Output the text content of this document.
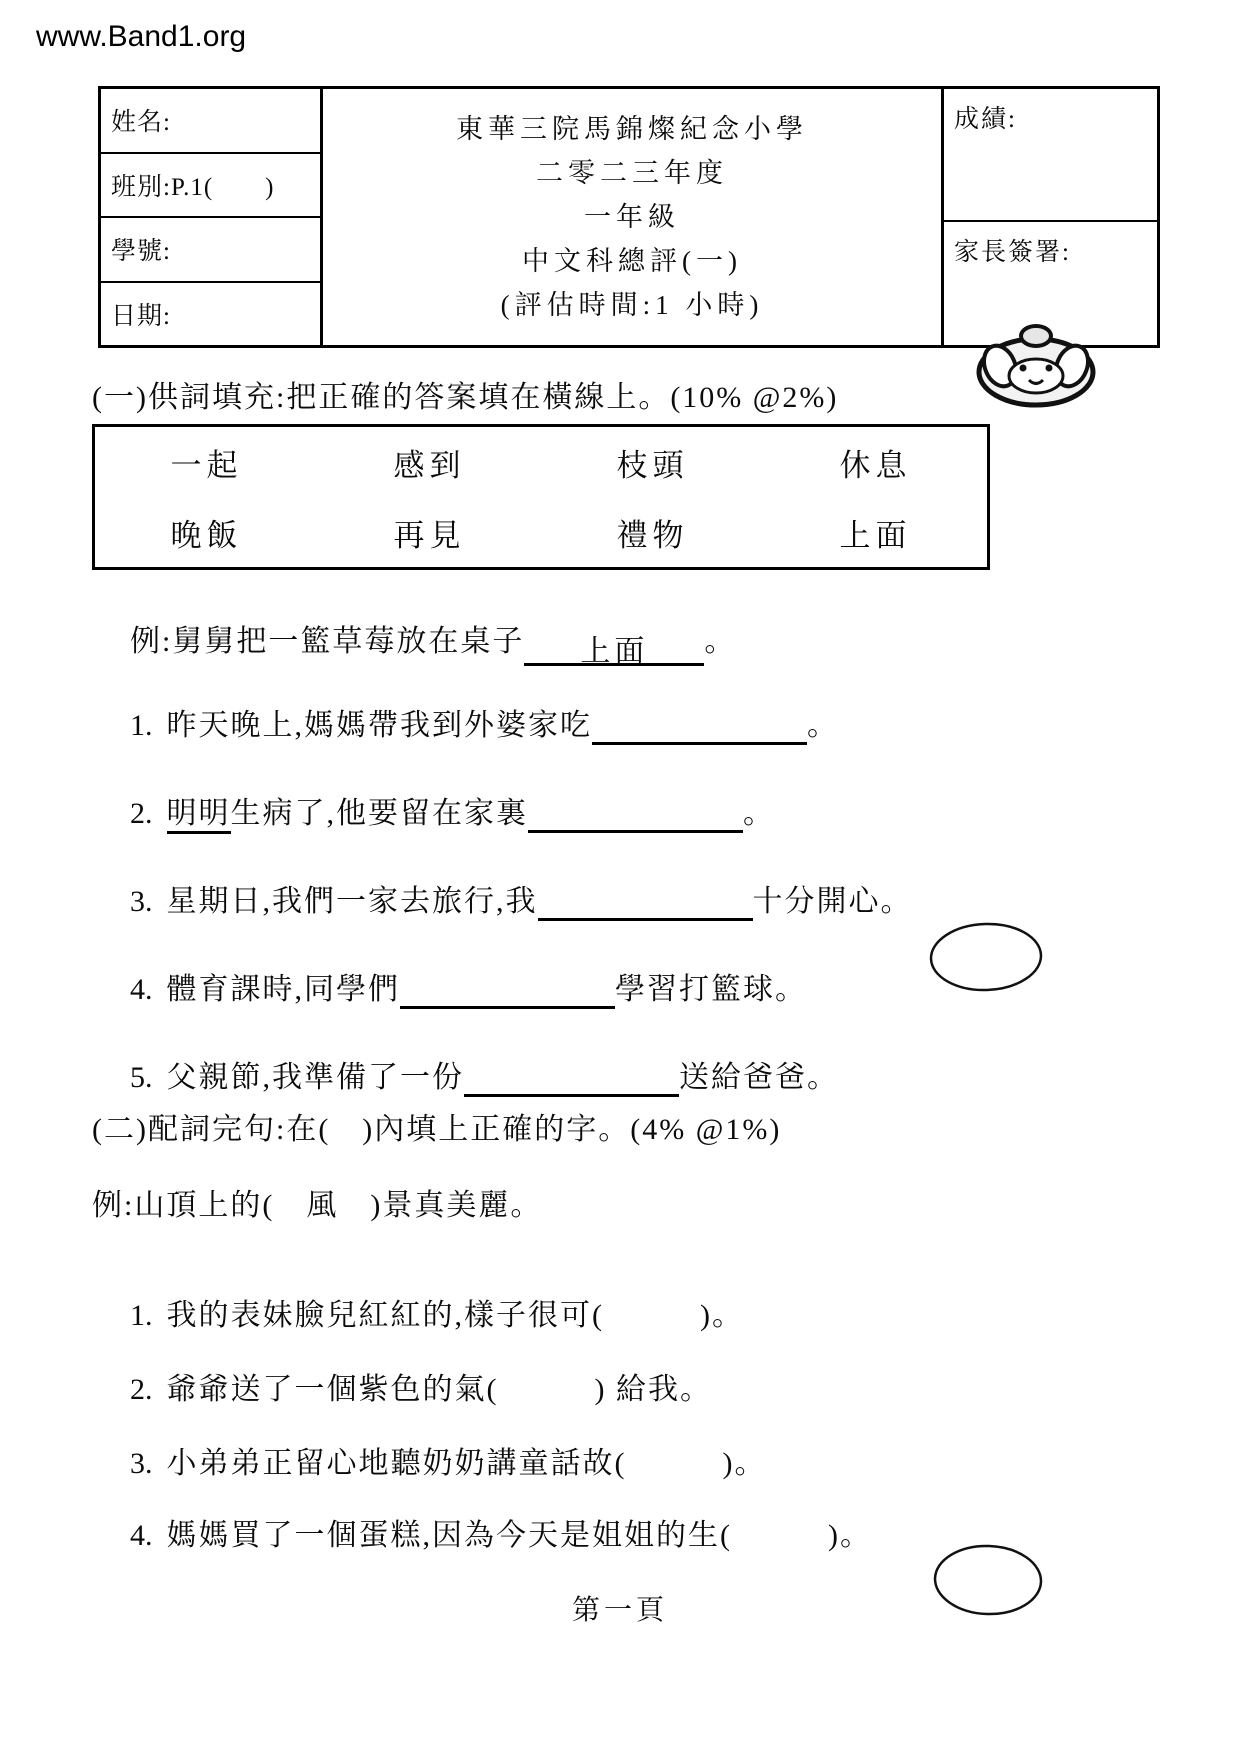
www.Band1.org
姓名:
班別:P.1(　　)
學號:
日期:
東華三院馬錦燦紀念小學
二零二三年度
一年級
中文科總評(一)
(評估時間:1 小時)
成績:
家長簽署:
(一)供詞填充:把正確的答案填在橫線上。(10% @2%)
一起	感到	枝頭	休息
晚飯	再見	禮物	上面

例:舅舅把一籃草莓放在桌子 上面 。

1. 昨天晚上,媽媽帶我到外婆家吃	。

2. 明明生病了,他要留在家裏	。

3. 星期日,我們一家去旅行,我	十分開心。

4. 體育課時,同學們	學習打籃球。

5. 父親節,我準備了一份	送給爸爸。

(二)配詞完句:在(　)內填上正確的字。(4% @1%)
例:山頂上的(　風　)景真美麗。

1. 我的表妹臉兒紅紅的,樣子很可(　　　)。

2. 爺爺送了一個紫色的氣(　　　) 給我。

3. 小弟弟正留心地聽奶奶講童話故(　　　)。

4. 媽媽買了一個蛋糕,因為今天是姐姐的生(　　　)。

第一頁
